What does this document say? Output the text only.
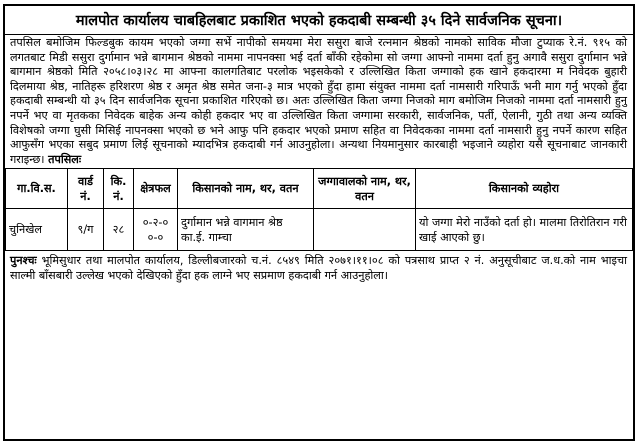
मालपोत कार्यालय चाबहिलबाट प्रकाशित भएको हकदाबी सम्बन्धी ३५ दिने सार्वजनिक सूचना।
तपसिल बमोजिम फिल्डबुक कायम भएको जग्गा सर्भे नापीको समयमा मेरा ससुरा बाजे रत्नमान श्रेष्ठको नामको साविक मौजा टुप्याक रे.नं. ९१५ को लगतबाट मिडी ससुरा दुर्गामान भन्ने बागमान श्रेष्ठको नाममा नापनक्सा भई दर्ता बाँकी रहेकोमा सो जग्गा आफ्नो नाममा दर्ता हुनु अगावै ससुरा दुर्गामान भन्ने बागमान श्रेष्ठको मिति २०५८।०३।२८ मा आफ्ना कालगतिबाट परलोक भइसकेको र उल्लिखित किता जग्गाको हक खाने हकदारमा म निवेदक बुहारी दिलमाया श्रेष्ठ, नातिहरू हरिशरण श्रेष्ठ र अमृत श्रेष्ठ समेत जना-३ मात्र भएको हुँदा हामा संयुक्त नाममा दर्ता नामसारी गरिपाऊँ भनी माग गर्नु भएको हुँदा हकदाबी सम्बन्धी यो ३५ दिन सार्वजनिक सूचना प्रकाशित गरिएको छ। अतः उल्लिखित किता जग्गा निजको माग बमोजिम निजको नाममा दर्ता नामसारी हुनु नपर्ने भए वा मृतकका निवेदक बाहेक अन्य कोही हकदार भए वा उल्लिखित किता जग्गामा सरकारी, सार्वजनिक, पर्ती, ऐलानी, गुठी तथा अन्य व्यक्ति विशेषको जग्गा घुसी मिसिई नापनक्सा भएको छ भने आफु पनि हकदार भएको प्रमाण सहित वा निवेदकका नाममा दर्ता नामसारी हुनु नपर्ने कारण सहित आफुसँग भएका सबुद प्रमाण लिई सूचनाको म्यादभित्र हकदाबी गर्न आउनुहोला। अन्यथा नियमानुसार कारबाही भइजाने व्यहोरा यसै सूचनाबाट जानकारी गराइन्छ। तपसिलः
गा.वि.स.	वार्ड नं.	कि. नं.	क्षेत्रफल	किसानको नाम, थर, वतन	जग्गावालको नाम, थर, वतन	किसानको व्यहोरा
चुनिखेल	९/ग	२८	०-२-० ०-०	दुर्गामान भन्ने वागमान श्रेष्ठ का.ई. गाम्चा		यो जग्गा मेरो नाउँको दर्ता हो। मालमा तिरोतिरान गरी खाई आएको छु।
पुनश्चः भूमिसुधार तथा मालपोत कार्यालय, डिल्लीबजारको च.नं. ८५४९ मिति २०७१।११।०८ को पत्रसाथ प्राप्त २ नं. अनुसूचीबाट ज.ध.को नाम भाइचा साल्मी बाँसबारी उल्लेख भएको देखिएको हुँदा हक लाग्ने भए सप्रमाण हकदाबी गर्न आउनुहोला।
